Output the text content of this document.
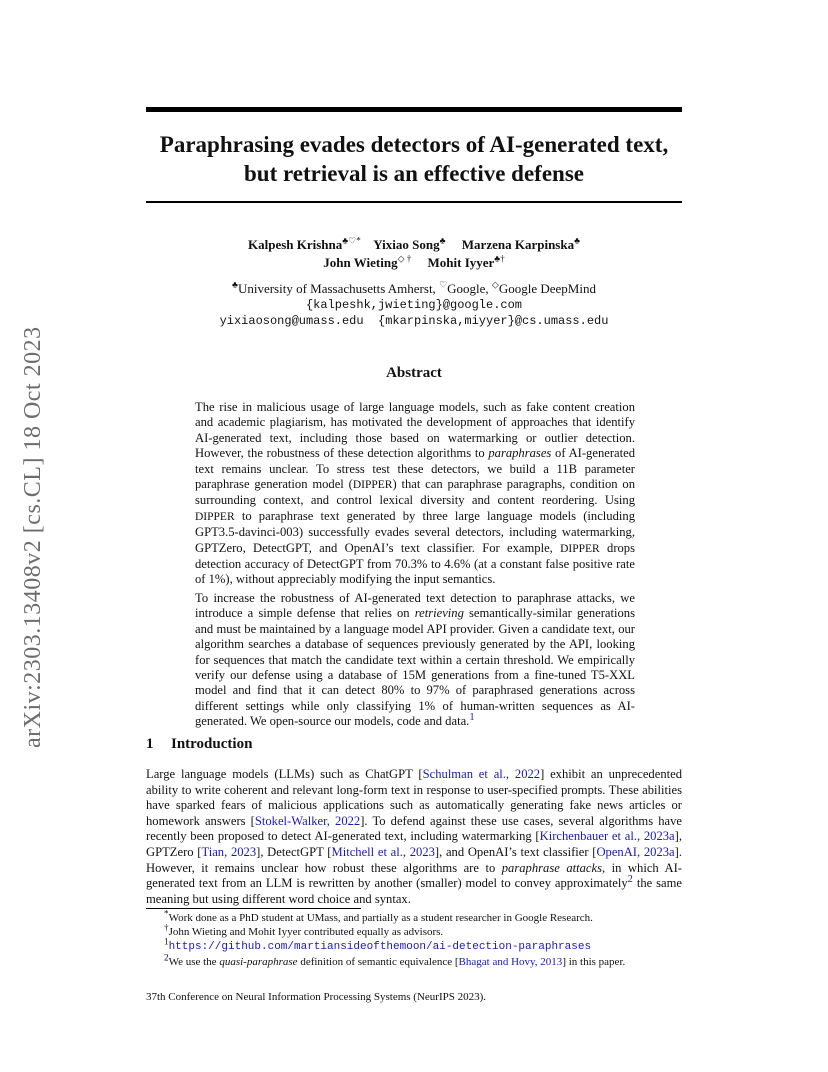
arXiv:2303.13408v2 [cs.CL] 18 Oct 2023
Paraphrasing evades detectors of AI-generated text,
but retrieval is an effective defense
Kalpesh Krishna♣♡* Yixiao Song♣ Marzena Karpinska♣
John Wieting◇ † Mohit Iyyer♣†
♣University of Massachusetts Amherst, ♡Google, ◇Google DeepMind
{kalpeshk,jwieting}@google.com
yixiaosong@umass.edu  {mkarpinska,miyyer}@cs.umass.edu
Abstract

The rise in malicious usage of large language models, such as fake content creation and academic plagiarism, has motivated the development of approaches that identify AI-generated text, including those based on watermarking or outlier detection. However, the robustness of these detection algorithms to paraphrases of AI-generated text remains unclear. To stress test these detectors, we build a 11B parameter paraphrase generation model (DIPPER) that can paraphrase paragraphs, condition on surrounding context, and control lexical diversity and content reordering. Using DIPPER to paraphrase text generated by three large language models (including GPT3.5-davinci-003) successfully evades several detectors, including watermarking, GPTZero, DetectGPT, and OpenAI’s text classifier. For example, DIPPER drops detection accuracy of DetectGPT from 70.3% to 4.6% (at a constant false positive rate of 1%), without appreciably modifying the input semantics.

To increase the robustness of AI-generated text detection to paraphrase attacks, we introduce a simple defense that relies on retrieving semantically-similar generations and must be maintained by a language model API provider. Given a candidate text, our algorithm searches a database of sequences previously generated by the API, looking for sequences that match the candidate text within a certain threshold. We empirically verify our defense using a database of 15M generations from a fine-tuned T5-XXL model and find that it can detect 80% to 97% of paraphrased generations across different settings while only classifying 1% of human-written sequences as AI-generated. We open-source our models, code and data.$^1$

1 Introduction

Large language models (LLMs) such as ChatGPT [Schulman et al., 2022] exhibit an unprecedented ability to write coherent and relevant long-form text in response to user-specified prompts. These abilities have sparked fears of malicious applications such as automatically generating fake news articles or homework answers [Stokel-Walker, 2022]. To defend against these use cases, several algorithms have recently been proposed to detect AI-generated text, including watermarking [Kirchenbauer et al., 2023a], GPTZero [Tian, 2023], DetectGPT [Mitchell et al., 2023], and OpenAI’s text classifier [OpenAI, 2023a]. However, it remains unclear how robust these algorithms are to paraphrase attacks, in which AI-generated text from an LLM is rewritten by another (smaller) model to convey approximately$^2$ the same meaning but using different word choice and syntax.

*Work done as a PhD student at UMass, and partially as a student researcher in Google Research.
†John Wieting and Mohit Iyyer contributed equally as advisors.
$^1$https://github.com/martiansideofthemoon/ai-detection-paraphrases
$^2$We use the quasi-paraphrase definition of semantic equivalence [Bhagat and Hovy, 2013] in this paper.
37th Conference on Neural Information Processing Systems (NeurIPS 2023).
